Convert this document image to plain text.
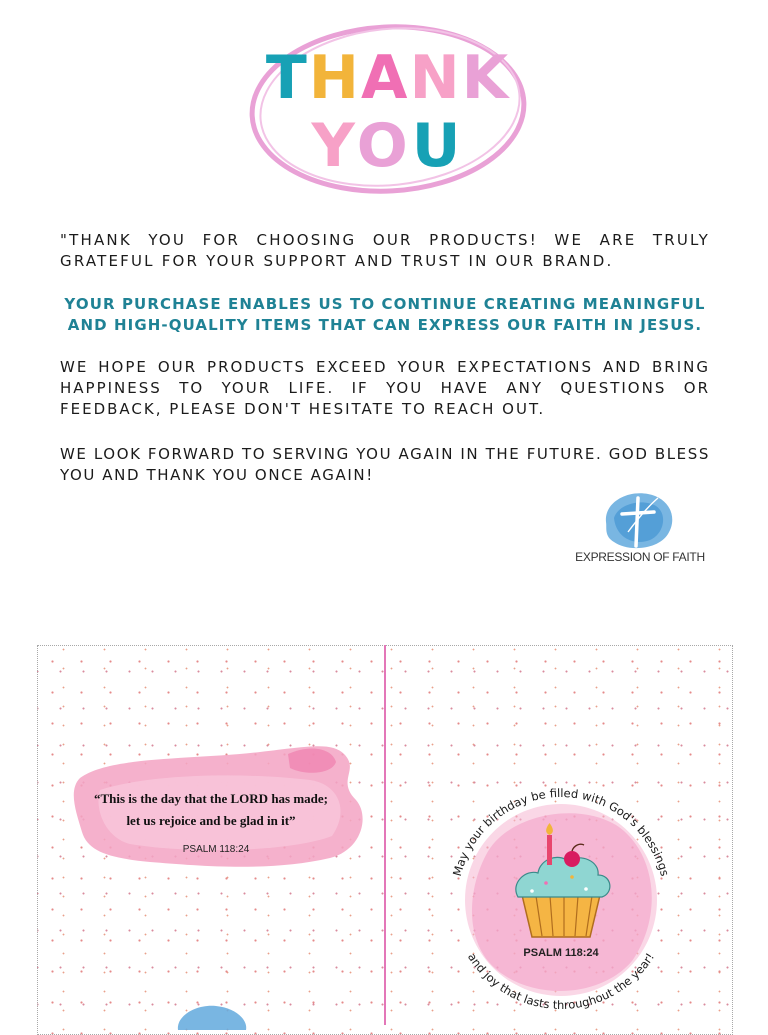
THANK
YOU
"THANK YOU FOR CHOOSING OUR PRODUCTS! WE ARE TRULY GRATEFUL FOR YOUR SUPPORT AND TRUST IN OUR BRAND.
YOUR PURCHASE ENABLES US TO CONTINUE CREATING MEANINGFUL AND HIGH-QUALITY ITEMS THAT CAN EXPRESS OUR FAITH IN JESUS.
WE HOPE OUR PRODUCTS EXCEED YOUR EXPECTATIONS AND BRING HAPPINESS TO YOUR LIFE. IF YOU HAVE ANY QUESTIONS OR FEEDBACK, PLEASE DON'T HESITATE TO REACH OUT.
WE LOOK FORWARD TO SERVING YOU AGAIN IN THE FUTURE. GOD BLESS YOU AND THANK YOU ONCE AGAIN!
EXPRESSION OF FAITH
“This is the day that the LORD has made;
let us rejoice and be glad in it”
PSALM 118:24
May your birthday be filled with God's blessings
and joy that lasts throughout the year!
PSALM 118:24
